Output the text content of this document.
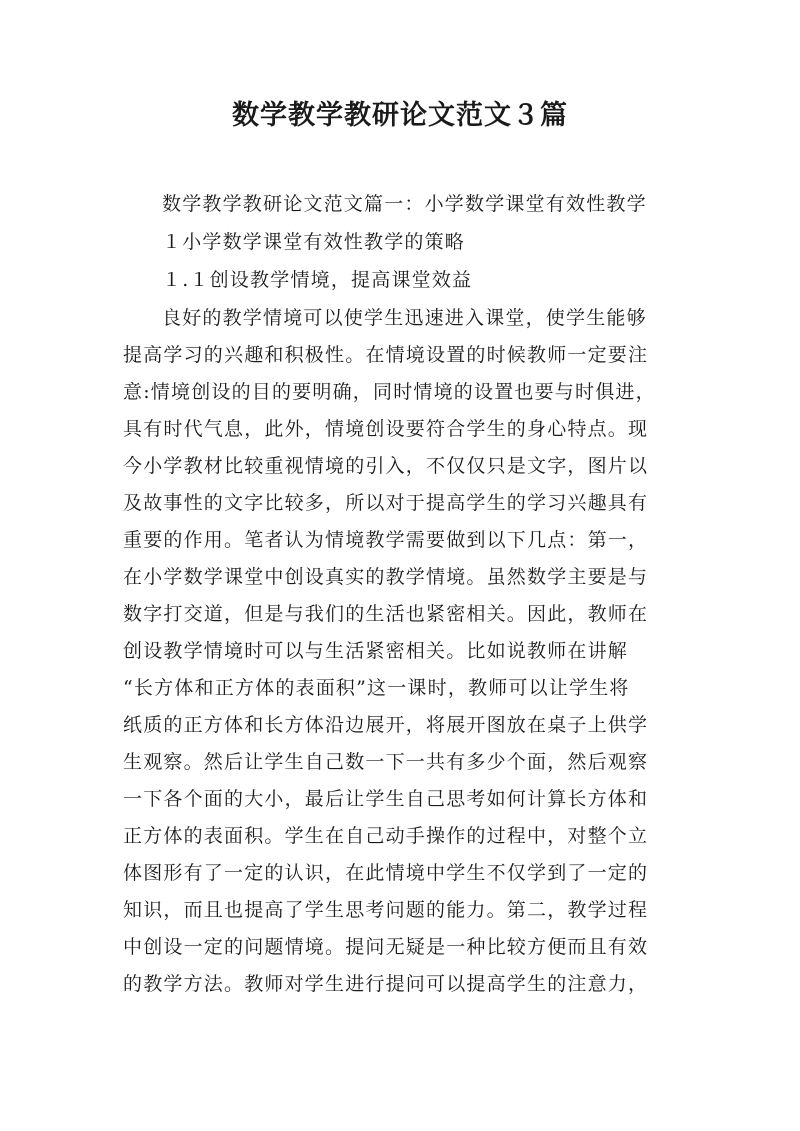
数学教学教研论文范文３篇

数学教学教研论文范文篇一：小学数学课堂有效性教学

１小学数学课堂有效性教学的策略

１.１创设教学情境，提高课堂效益

良好的教学情境可以使学生迅速进入课堂，使学生能够

提高学习的兴趣和积极性。在情境设置的时候教师一定要注

意:情境创设的目的要明确，同时情境的设置也要与时俱进，

具有时代气息，此外，情境创设要符合学生的身心特点。现

今小学教材比较重视情境的引入，不仅仅只是文字，图片以

及故事性的文字比较多，所以对于提高学生的学习兴趣具有

重要的作用。笔者认为情境教学需要做到以下几点：第一，

在小学数学课堂中创设真实的教学情境。虽然数学主要是与

数字打交道，但是与我们的生活也紧密相关。因此，教师在

创设教学情境时可以与生活紧密相关。比如说教师在讲解

“长方体和正方体的表面积”这一课时，教师可以让学生将

纸质的正方体和长方体沿边展开，将展开图放在桌子上供学

生观察。然后让学生自己数一下一共有多少个面，然后观察

一下各个面的大小，最后让学生自己思考如何计算长方体和

正方体的表面积。学生在自己动手操作的过程中，对整个立

体图形有了一定的认识，在此情境中学生不仅学到了一定的

知识，而且也提高了学生思考问题的能力。第二，教学过程

中创设一定的问题情境。提问无疑是一种比较方便而且有效

的教学方法。教师对学生进行提问可以提高学生的注意力，
